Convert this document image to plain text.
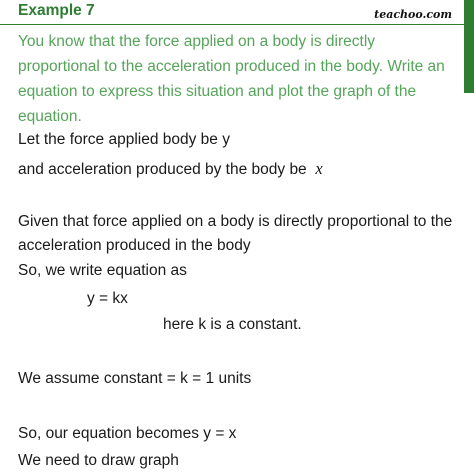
Example 7	teachoo.com
You know that the force applied on a body is directly proportional to the acceleration produced in the body. Write an equation to express this situation and plot the graph of the equation.
Let the force applied body be y
and acceleration produced by the body be x
Given that force applied on a body is directly proportional to the acceleration produced in the body
So, we write equation as
y = kx
here k is a constant.
We assume constant = k = 1 units
So, our equation becomes y = x
We need to draw graph
